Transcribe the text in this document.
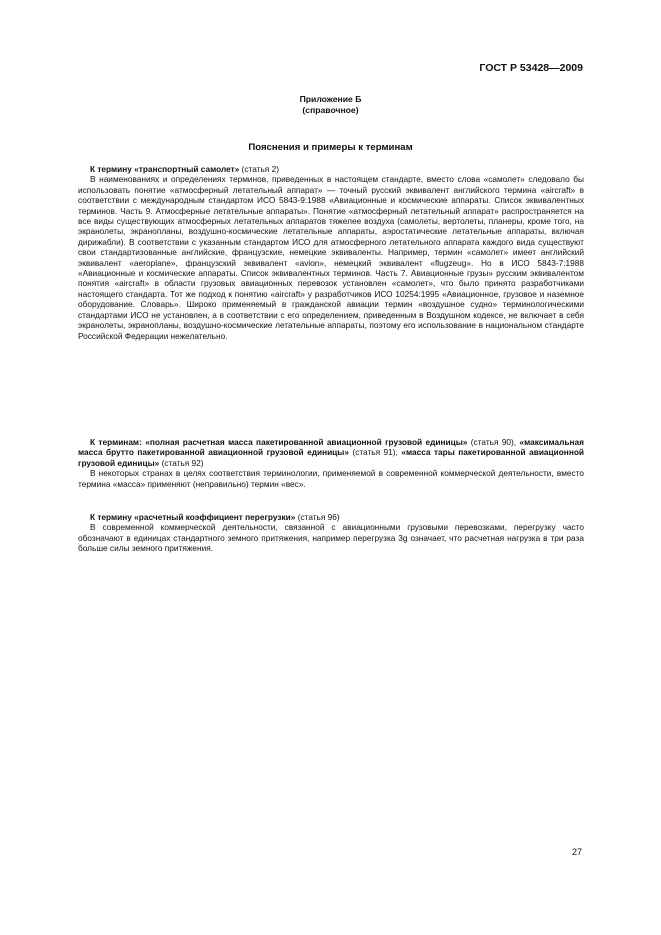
ГОСТ Р 53428—2009
Приложение Б
(справочное)
Пояснения и примеры к терминам

К термину «транспортный самолет» (статья 2)

В наименованиях и определениях терминов, приведенных в настоящем стандарте, вместо слова «самолет» следовало бы использовать понятие «атмосферный летательный аппарат» — точный русский эквивалент английского термина «aircraft» в соответствии с международным стандартом ИСО 5843-9:1988 «Авиационные и космические аппараты. Список эквивалентных терминов. Часть 9. Атмосферные летательные аппараты». Понятие «атмосферный летательный аппарат» распространяется на все виды существующих атмосферных летательных аппаратов тяжелее воздуха (самолеты, вертолеты, планеры, кроме того, на экранолеты, экранопланы, воздушно-космические летательные аппараты, аэростатические летательные аппараты, включая дирижабли). В соответствии с указанным стандартом ИСО для атмосферного летательного аппарата каждого вида существуют свои стандартизованные английские, французские, немецкие эквиваленты. Например, термин «самолет» имеет английский эквивалент «aeroplane», французский эквивалент «avion», немецкий эквивалент «flugzeug». Но в ИСО 5843-7:1988 «Авиационные и космические аппараты. Список эквивалентных терминов. Часть 7. Авиационные грузы» русским эквивалентом понятия «aircraft» в области грузовых авиационных перевозок установлен «самолет», что было принято разработчиками настоящего стандарта. Тот же подход к понятию «aircraft» у разработчиков ИСО 10254:1995 «Авиационное, грузовое и наземное оборудование. Словарь». Широко применяемый в гражданской авиации термин «воздушное судно» терминологическими стандартами ИСО не установлен, а в соответствии с его определением, приведенным в Воздушном кодексе, не включает в себя экранолеты, экранопланы, воздушно-космические летательные аппараты, поэтому его использование в национальном стандарте Российской Федерации нежелательно.

К терминам: «полная расчетная масса пакетированной авиационной грузовой единицы» (статья 90), «максимальная масса брутто пакетированной авиационной грузовой единицы» (статья 91), «масса тары пакетированной авиационной грузовой единицы» (статья 92)

В некоторых странах в целях соответствия терминологии, применяемой в современной коммерческой деятельности, вместо термина «масса» применяют (неправильно) термин «вес».

К термину «расчетный коэффициент перегрузки» (статья 96)

В современной коммерческой деятельности, связанной с авиационными грузовыми перевозками, перегрузку часто обозначают в единицах стандартного земного притяжения, например перегрузка 3g означает, что расчетная нагрузка в три раза больше силы земного притяжения.

27
